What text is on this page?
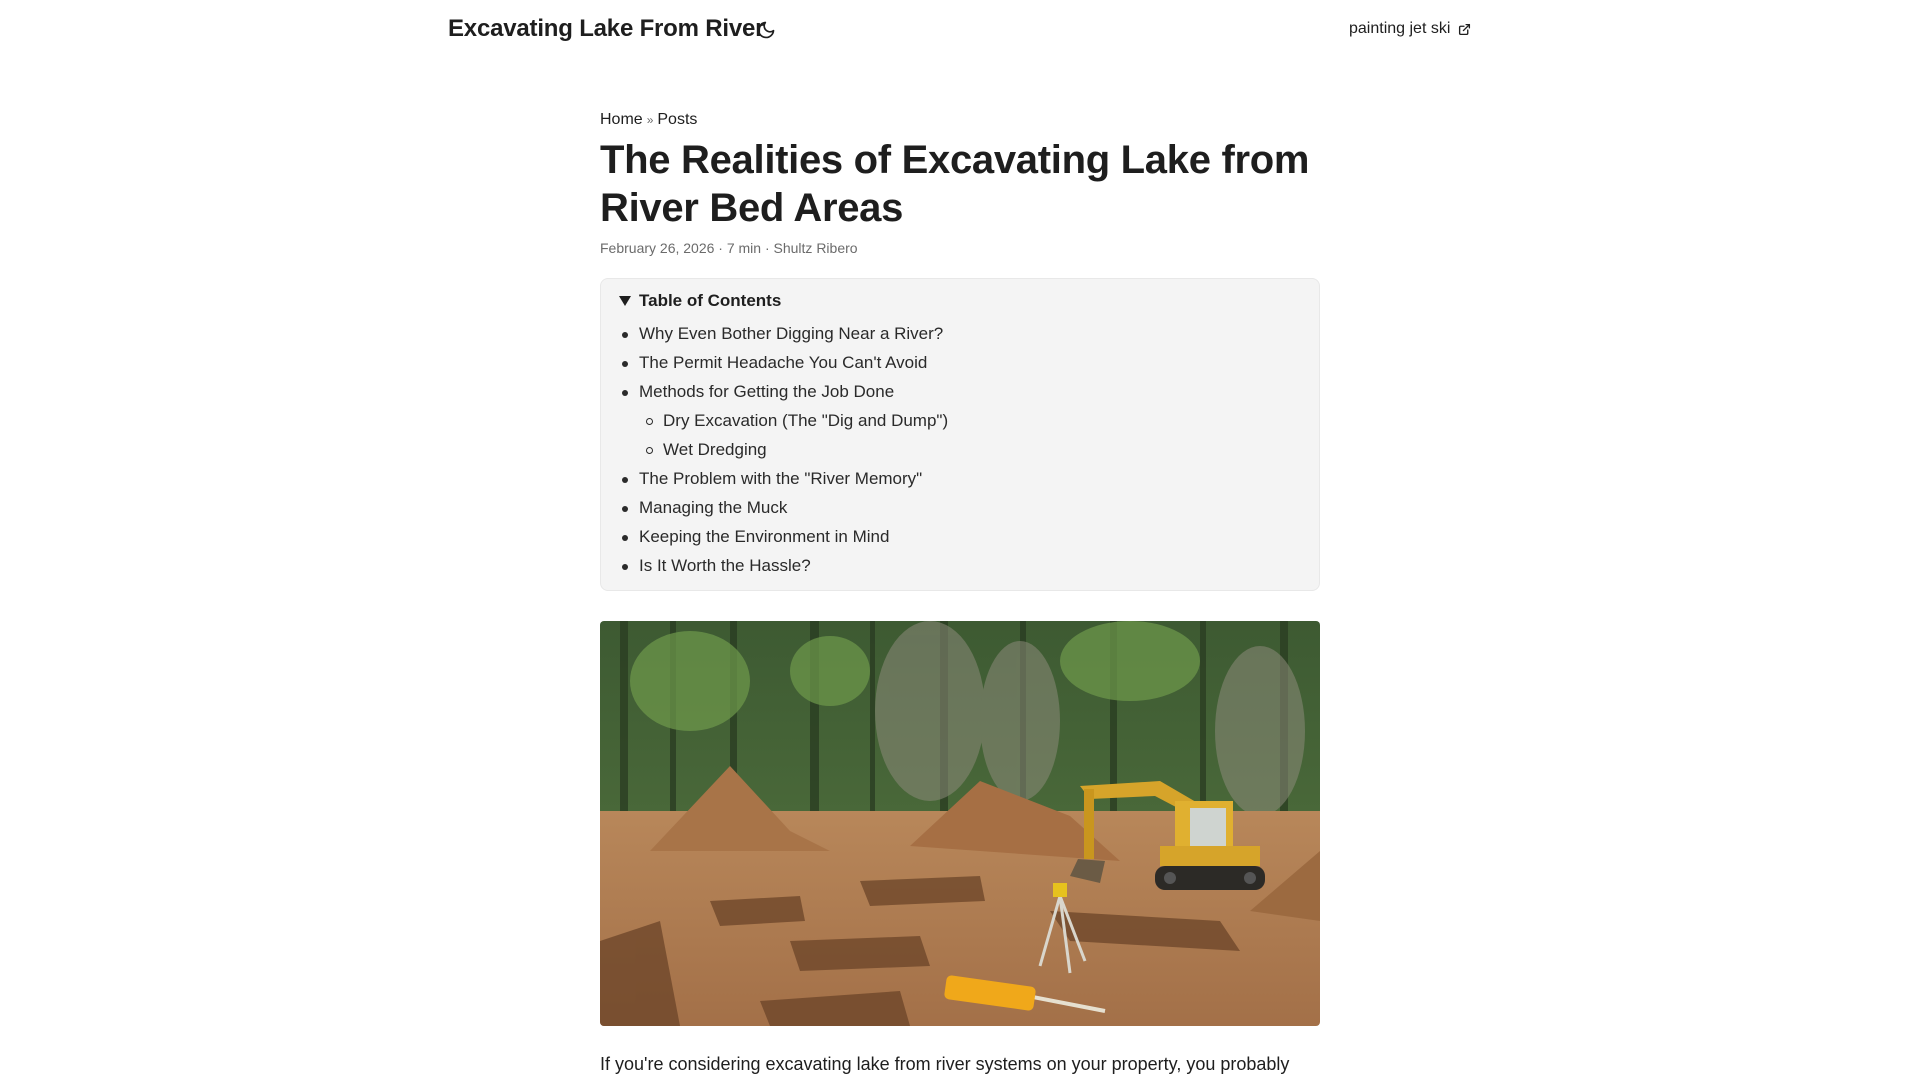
Excavating Lake From River	painting jet ski
Home » Posts
The Realities of Excavating Lake from River Bed Areas
February 26, 2026 · 7 min · Shultz Ribero
Table of Contents
Why Even Bother Digging Near a River?
The Permit Headache You Can't Avoid
Methods for Getting the Job Done
Dry Excavation (The "Dig and Dump")
Wet Dredging
The Problem with the "River Memory"
Managing the Muck
Keeping the Environment in Mind
Is It Worth the Hassle?

If you're considering excavating lake from river systems on your property, you probably
